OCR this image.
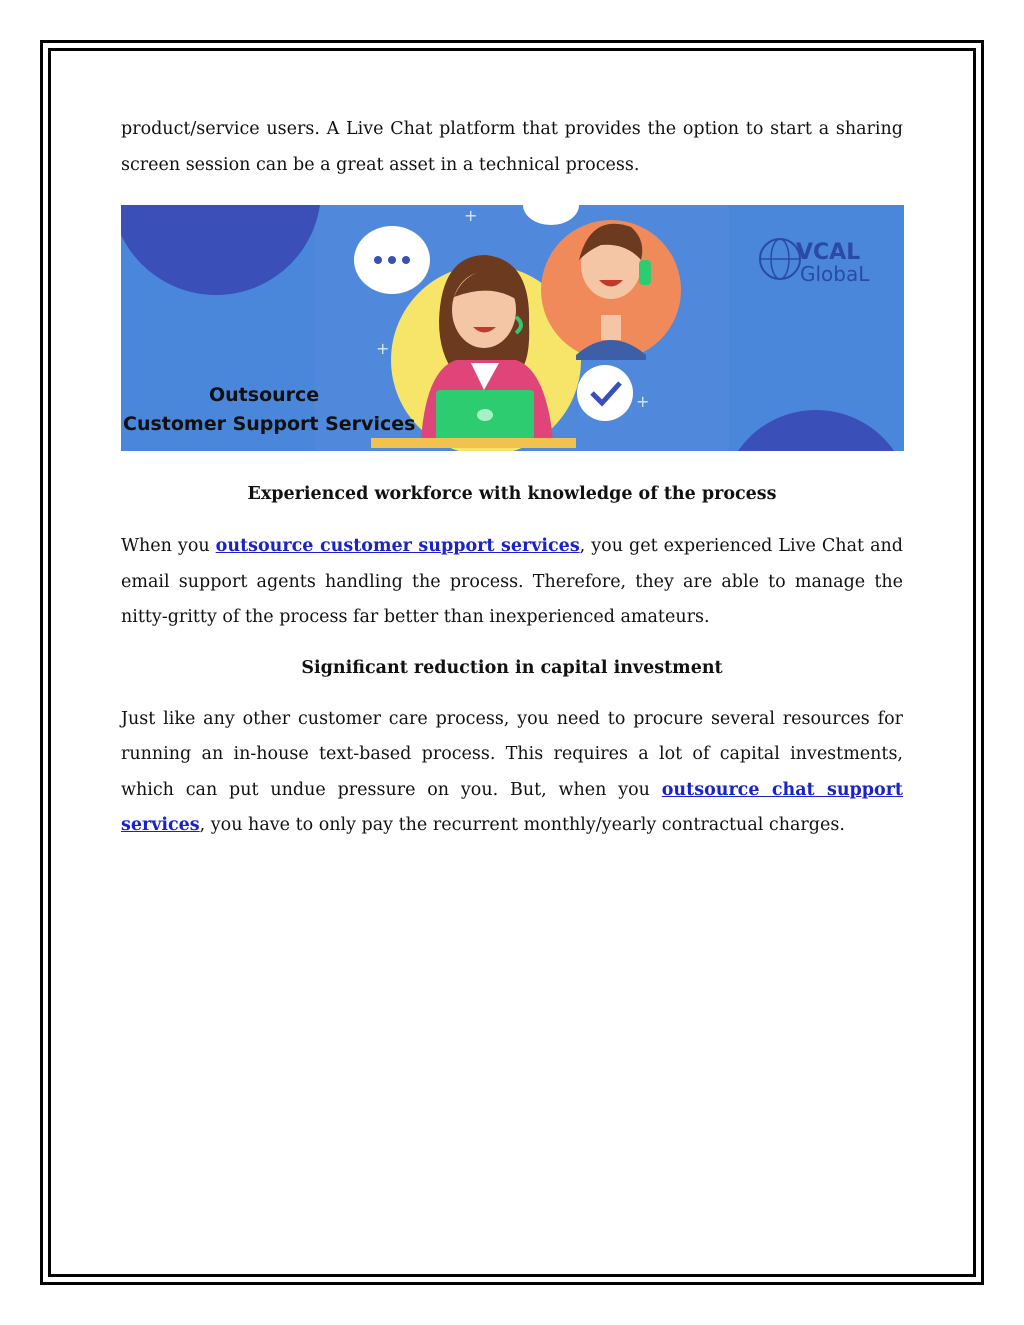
product/service users. A Live Chat platform that provides the option to start a sharing screen session can be a great asset in a technical process.

+
+
+
Outsource
Customer Support Services
VCAL
GlobaL
Experienced workforce with knowledge of the process

When you outsource customer support services, you get experienced Live Chat and email support agents handling the process. Therefore, they are able to manage the nitty-gritty of the process far better than inexperienced amateurs.

Significant reduction in capital investment

Just like any other customer care process, you need to procure several resources for running an in-house text-based process. This requires a lot of capital investments, which can put undue pressure on you. But, when you outsource chat support services, you have to only pay the recurrent monthly/yearly contractual charges.
